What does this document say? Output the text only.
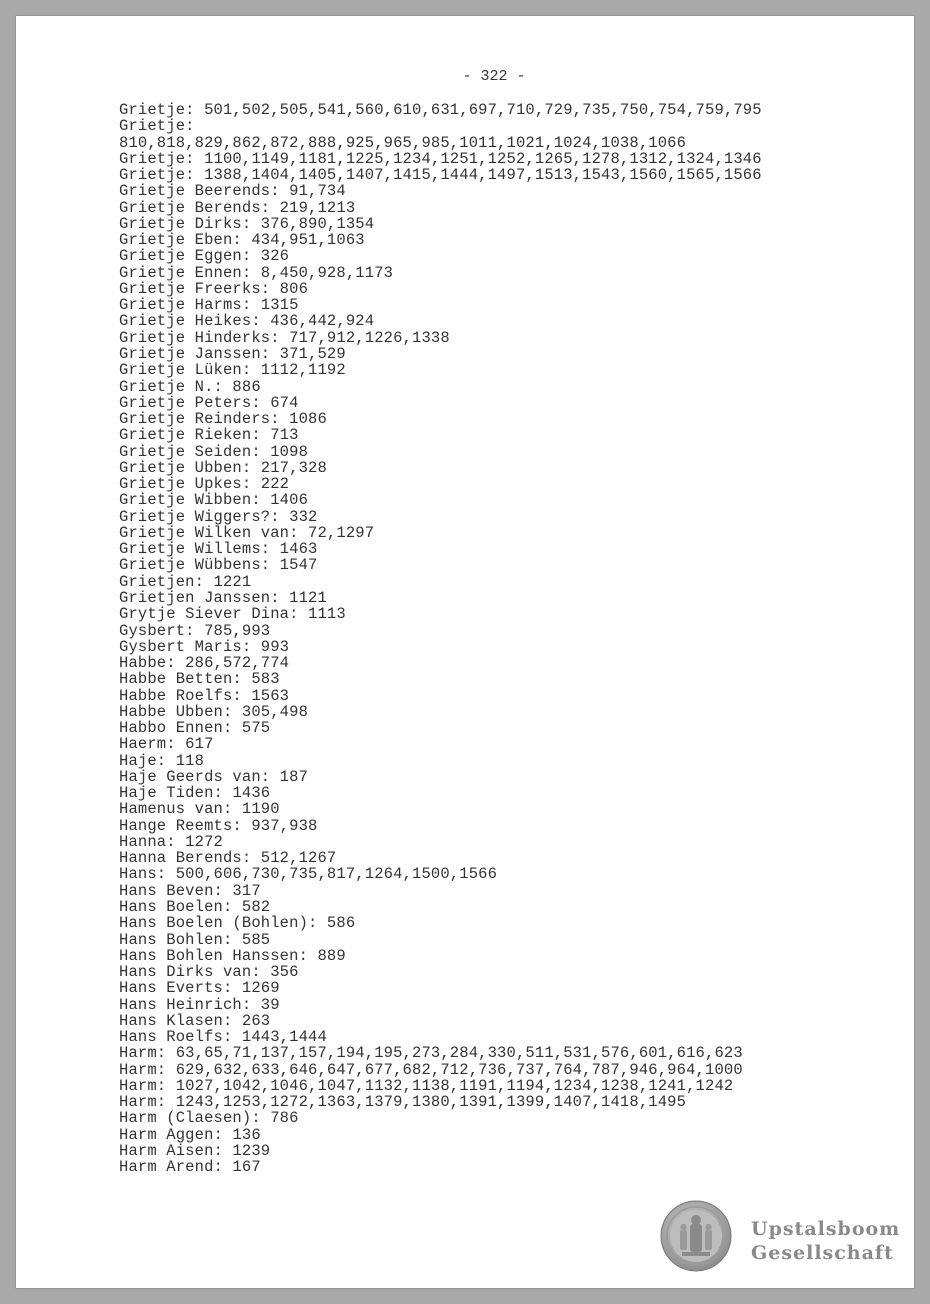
- 322 -
Grietje: 501,502,505,541,560,610,631,697,710,729,735,750,754,759,795
Grietje:
810,818,829,862,872,888,925,965,985,1011,1021,1024,1038,1066
Grietje: 1100,1149,1181,1225,1234,1251,1252,1265,1278,1312,1324,1346
Grietje: 1388,1404,1405,1407,1415,1444,1497,1513,1543,1560,1565,1566
Grietje Beerends: 91,734
Grietje Berends: 219,1213
Grietje Dirks: 376,890,1354
Grietje Eben: 434,951,1063
Grietje Eggen: 326
Grietje Ennen: 8,450,928,1173
Grietje Freerks: 806
Grietje Harms: 1315
Grietje Heikes: 436,442,924
Grietje Hinderks: 717,912,1226,1338
Grietje Janssen: 371,529
Grietje Lüken: 1112,1192
Grietje N.: 886
Grietje Peters: 674
Grietje Reinders: 1086
Grietje Rieken: 713
Grietje Seiden: 1098
Grietje Ubben: 217,328
Grietje Upkes: 222
Grietje Wibben: 1406
Grietje Wiggers?: 332
Grietje Wilken van: 72,1297
Grietje Willems: 1463
Grietje Wübbens: 1547
Grietjen: 1221
Grietjen Janssen: 1121
Grytje Siever Dina: 1113
Gysbert: 785,993
Gysbert Maris: 993
Habbe: 286,572,774
Habbe Betten: 583
Habbe Roelfs: 1563
Habbe Ubben: 305,498
Habbo Ennen: 575
Haerm: 617
Haje: 118
Haje Geerds van: 187
Haje Tiden: 1436
Hamenus van: 1190
Hange Reemts: 937,938
Hanna: 1272
Hanna Berends: 512,1267
Hans: 500,606,730,735,817,1264,1500,1566
Hans Beven: 317
Hans Boelen: 582
Hans Boelen (Bohlen): 586
Hans Bohlen: 585
Hans Bohlen Hanssen: 889
Hans Dirks van: 356
Hans Everts: 1269
Hans Heinrich: 39
Hans Klasen: 263
Hans Roelfs: 1443,1444
Harm: 63,65,71,137,157,194,195,273,284,330,511,531,576,601,616,623
Harm: 629,632,633,646,647,677,682,712,736,737,764,787,946,964,1000
Harm: 1027,1042,1046,1047,1132,1138,1191,1194,1234,1238,1241,1242
Harm: 1243,1253,1272,1363,1379,1380,1391,1399,1407,1418,1495
Harm (Claesen): 786
Harm Aggen: 136
Harm Aisen: 1239
Harm Arend: 167
Upstalsboom
Gesellschaft
